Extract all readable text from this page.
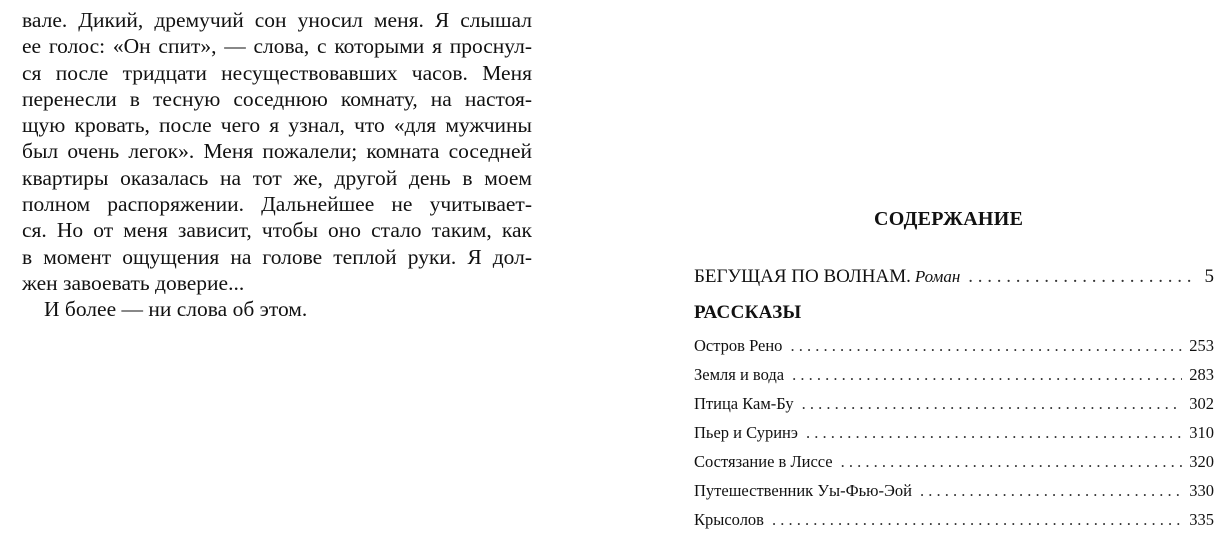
вале. Дикий, дремучий сон уносил меня. Я слышал
ее голос: «Он спит», — слова, с которыми я проснул-
ся после тридцати несуществовавших часов. Меня
перенесли в тесную соседнюю комнату, на настоя-
щую кровать, после чего я узнал, что «для мужчины
был очень легок». Меня пожалели; комната соседней
квартиры оказалась на тот же, другой день в моем
полном распоряжении. Дальнейшее не учитывает-
ся. Но от меня зависит, чтобы оно стало таким, как
в момент ощущения на голове теплой руки. Я дол-
жен завоевать доверие...
И более — ни слова об этом.
СОДЕРЖАНИЕ
БЕГУЩАЯ ПО ВОЛНАМ. Роман . . .	5
РАССКАЗЫ
Остров Рено . . .	253
Земля и вода . . .	283
Птица Кам-Бу . . .	302
Пьер и Суринэ . . .	310
Состязание в Лиссе . . .	320
Путешественник Уы-Фью-Эой . . .	330
Крысолов . . .	335
